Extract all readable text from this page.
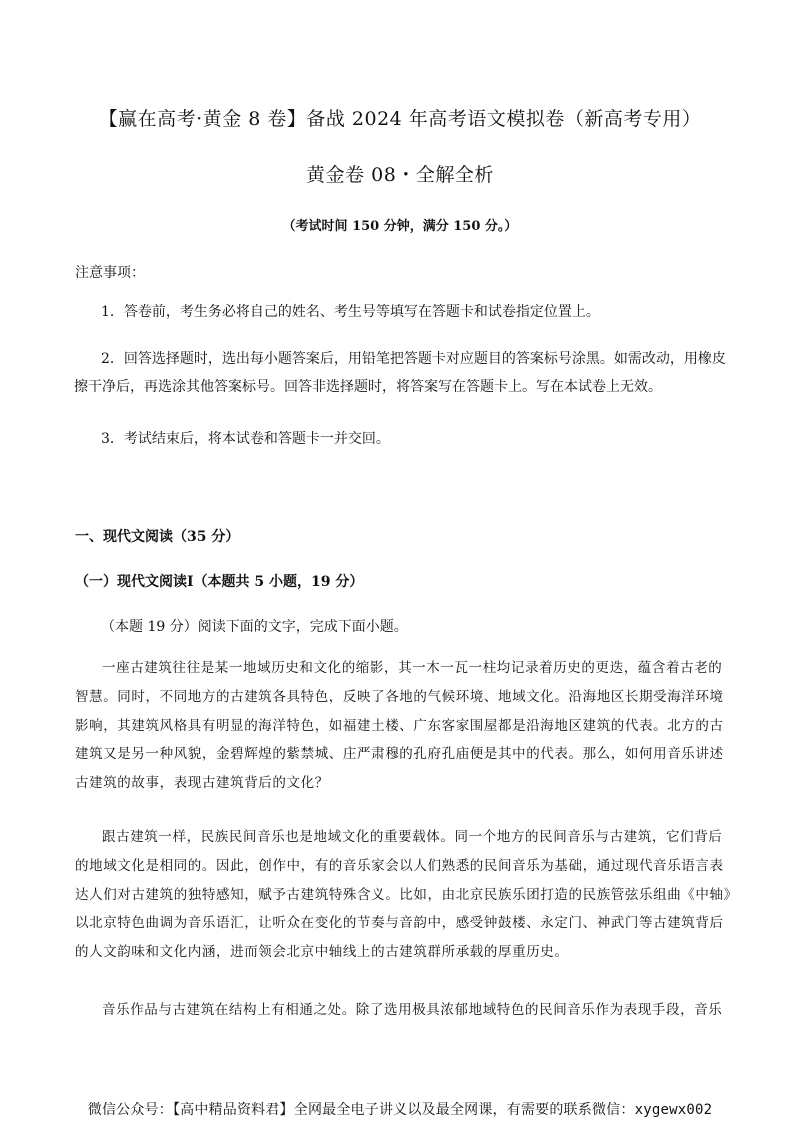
【赢在高考·黄金 8 卷】备战 2024 年高考语文模拟卷（新高考专用）
黄金卷 08・全解全析
（考试时间 150 分钟，满分 150 分。）
注意事项：
1．答卷前，考生务必将自己的姓名、考生号等填写在答题卡和试卷指定位置上。
2．回答选择题时，选出每小题答案后，用铅笔把答题卡对应题目的答案标号涂黑。如需改动，用橡皮
擦干净后，再选涂其他答案标号。回答非选择题时，将答案写在答题卡上。写在本试卷上无效。
3．考试结束后，将本试卷和答题卡一并交回。
一、现代文阅读（35 分）
（一）现代文阅读Ⅰ（本题共 5 小题，19 分）
（本题 19 分）阅读下面的文字，完成下面小题。
一座古建筑往往是某一地域历史和文化的缩影，其一木一瓦一柱均记录着历史的更迭，蕴含着古老的
智慧。同时，不同地方的古建筑各具特色，反映了各地的气候环境、地域文化。沿海地区长期受海洋环境
影响，其建筑风格具有明显的海洋特色，如福建土楼、广东客家围屋都是沿海地区建筑的代表。北方的古
建筑又是另一种风貌，金碧辉煌的紫禁城、庄严肃穆的孔府孔庙便是其中的代表。那么，如何用音乐讲述
古建筑的故事，表现古建筑背后的文化？
跟古建筑一样，民族民间音乐也是地域文化的重要载体。同一个地方的民间音乐与古建筑，它们背后
的地域文化是相同的。因此，创作中，有的音乐家会以人们熟悉的民间音乐为基础，通过现代音乐语言表
达人们对古建筑的独特感知，赋予古建筑特殊含义。比如，由北京民族乐团打造的民族管弦乐组曲《中轴》
以北京特色曲调为音乐语汇，让听众在变化的节奏与音韵中，感受钟鼓楼、永定门、神武门等古建筑背后
的人文韵味和文化内涵，进而领会北京中轴线上的古建筑群所承载的厚重历史。
音乐作品与古建筑在结构上有相通之处。除了选用极具浓郁地域特色的民间音乐作为表现手段，音乐
微信公众号：【高中精品资料君】全网最全电子讲义以及最全网课，有需要的联系微信：xygewx002
